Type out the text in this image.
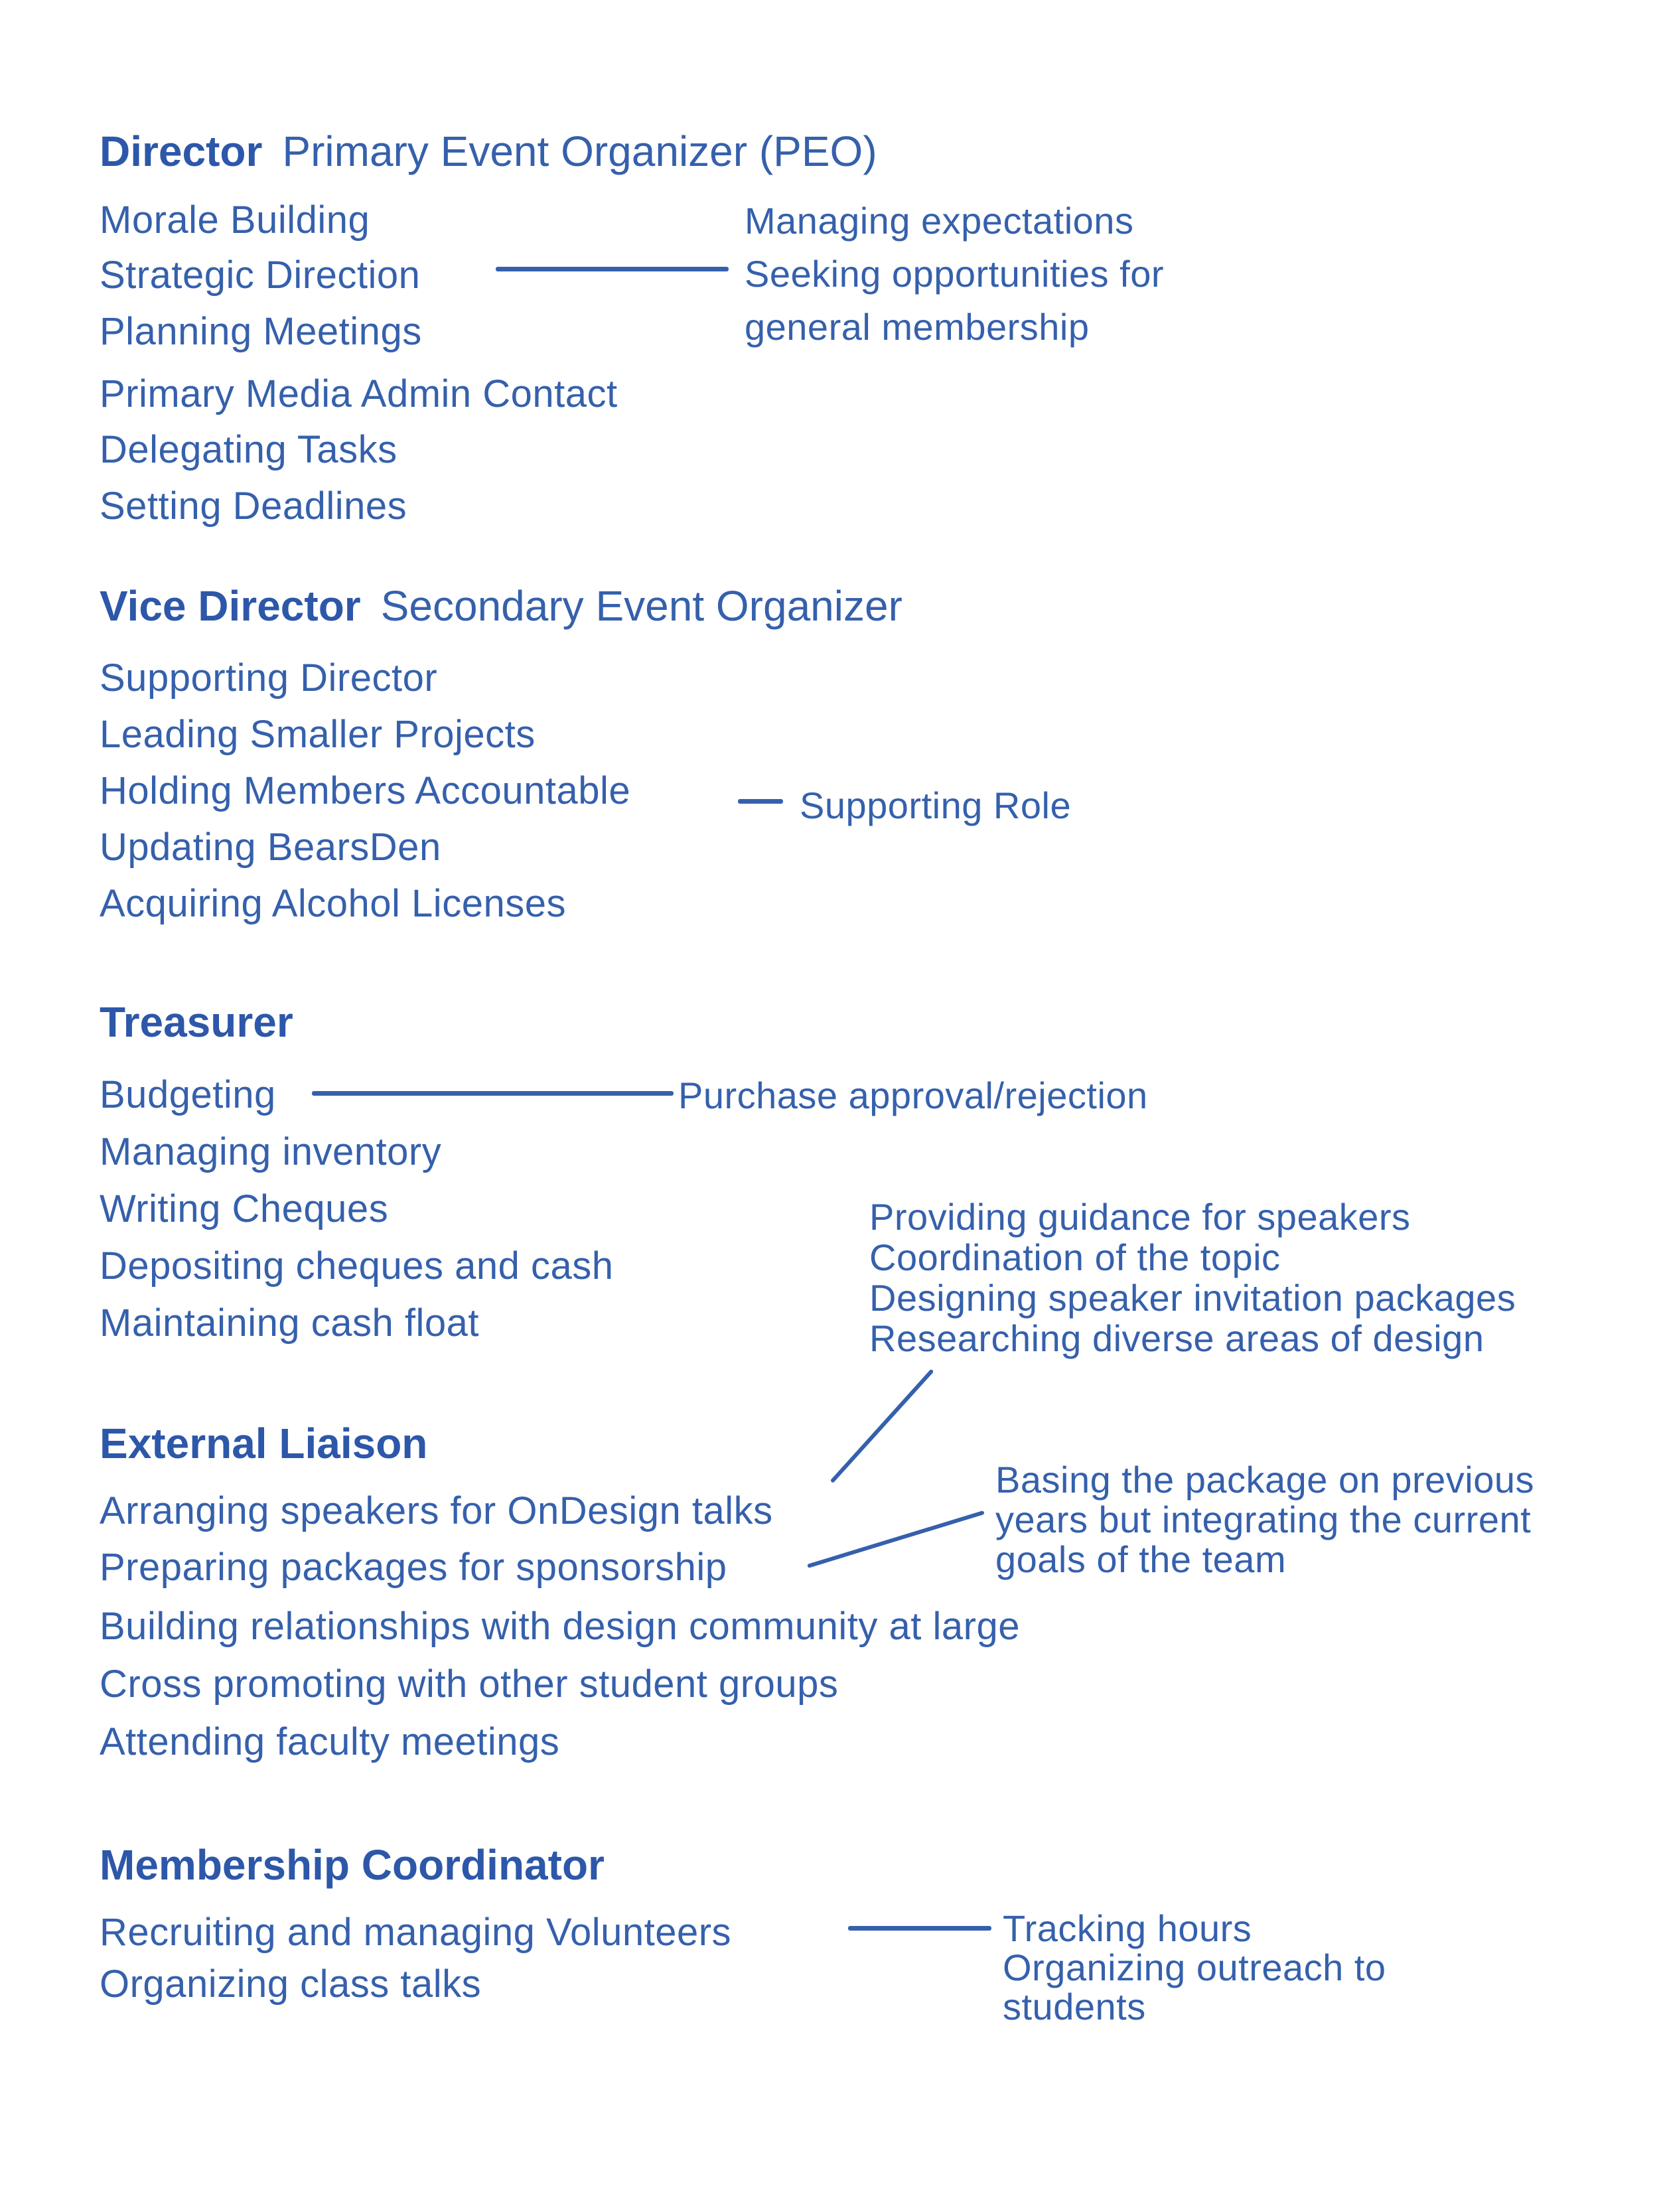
Director Primary Event Organizer (PEO)
Morale Building
Strategic Direction
Planning Meetings
Primary Media Admin Contact
Delegating Tasks
Setting Deadlines
Managing expectations
Seeking opportunities for
general membership
Vice Director Secondary Event Organizer
Supporting Director
Leading Smaller Projects
Holding Members Accountable
Updating BearsDen
Acquiring Alcohol Licenses
Supporting Role
Treasurer
Budgeting
Managing inventory
Writing Cheques
Depositing cheques and cash
Maintaining cash float
Purchase approval/rejection
Providing guidance for speakers
Coordination of the topic
Designing speaker invitation packages
Researching diverse areas of design
External Liaison
Arranging speakers for OnDesign talks
Preparing packages for sponsorship
Building relationships with design community at large
Cross promoting with other student groups
Attending faculty meetings
Basing the package on previous
years but integrating the current
goals of the team
Membership Coordinator
Recruiting and managing Volunteers
Organizing class talks
Tracking hours
Organizing outreach to
students
